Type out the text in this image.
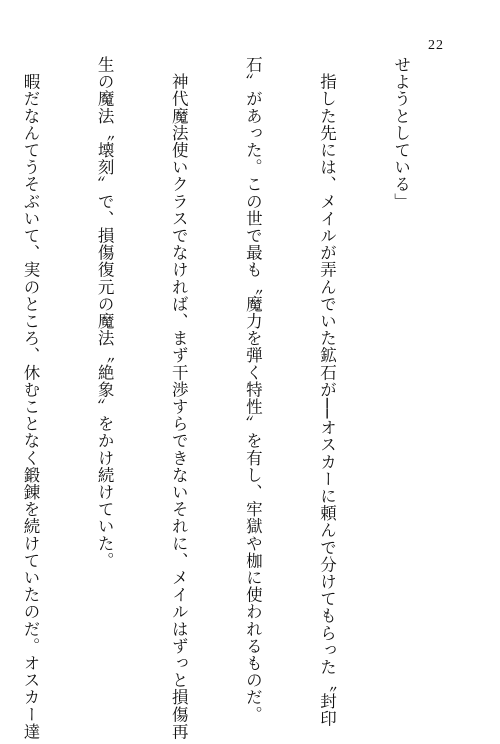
22

せようとしている」

　指した先には、メイルが弄んでいた鉱石が──オスカーに頼んで分けてもらった〝封印

石〟があった。この世で最も〝魔力を弾く特性〟を有し、牢獄や枷に使われるものだ。

　神代魔法使いクラスでなければ、まず干渉すらできないそれに、メイルはずっと損傷再

生の魔法〝壊刻〟で、損傷復元の魔法〝絶象〟をかけ続けていた。

　暇だなんてうそぶいて、実のところ、休むことなく鍛錬を続けていたのだ。オスカー達
